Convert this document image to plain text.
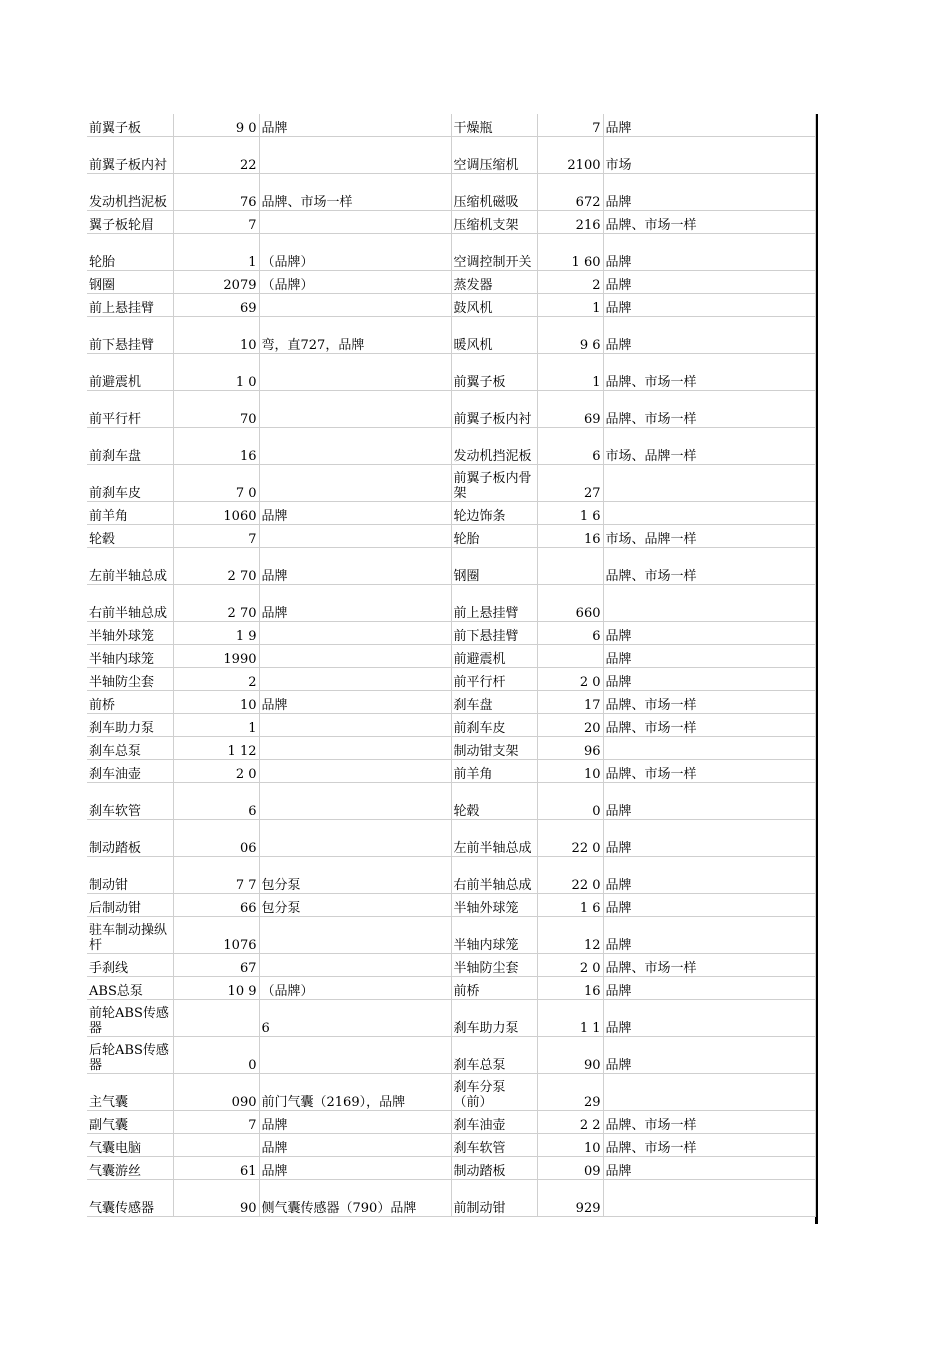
前翼子板	9 0	品牌	干燥瓶	7	品牌
前翼子板内衬	22		空调压缩机	2100	市场
发动机挡泥板	76	品牌、市场一样	压缩机磁吸	672	品牌
翼子板轮眉	7		压缩机支架	216	品牌、市场一样
轮胎	1	（品牌）	空调控制开关	1 60	品牌
钢圈	2079	（品牌）	蒸发器	2	品牌
前上悬挂臂	69		鼓风机	1	品牌
前下悬挂臂	10	弯，直727，品牌	暖风机	9 6	品牌
前避震机	1 0		前翼子板	1	品牌、市场一样
前平行杆	70		前翼子板内衬	69	品牌、市场一样
前刹车盘	16		发动机挡泥板	6	市场、品牌一样
前刹车皮	7 0		前翼子板内骨架	27	
前羊角	1060	品牌	轮边饰条	1 6	
轮毂	7		轮胎	16	市场、品牌一样
左前半轴总成	2 70	品牌	钢圈		品牌、市场一样
右前半轴总成	2 70	品牌	前上悬挂臂	660	
半轴外球笼	1 9		前下悬挂臂	6	品牌
半轴内球笼	1990		前避震机		品牌
半轴防尘套	2		前平行杆	2 0	品牌
前桥	10	品牌	刹车盘	17	品牌、市场一样
刹车助力泵	1		前刹车皮	20	品牌、市场一样
刹车总泵	1 12		制动钳支架	96	
刹车油壶	2 0		前羊角	10	品牌、市场一样
刹车软管	6		轮毂	0	品牌
制动踏板	06		左前半轴总成	22 0	品牌
制动钳	7 7	包分泵	右前半轴总成	22 0	品牌
后制动钳	66	包分泵	半轴外球笼	1 6	品牌
驻车制动操纵杆	1076		半轴内球笼	12	品牌
手刹线	67		半轴防尘套	2 0	品牌、市场一样
ABS总泵	10 9	（品牌）	前桥	16	品牌
前轮ABS传感器		6	刹车助力泵	1 1	品牌
后轮ABS传感器	0		刹车总泵	90	品牌
主气囊	090	前门气囊（2169），品牌	刹车分泵（前）	29	
副气囊	7	品牌	刹车油壶	2 2	品牌、市场一样
气囊电脑		品牌	刹车软管	10	品牌、市场一样
气囊游丝	61	品牌	制动踏板	09	品牌
气囊传感器	90	侧气囊传感器（790）品牌	前制动钳	929	
